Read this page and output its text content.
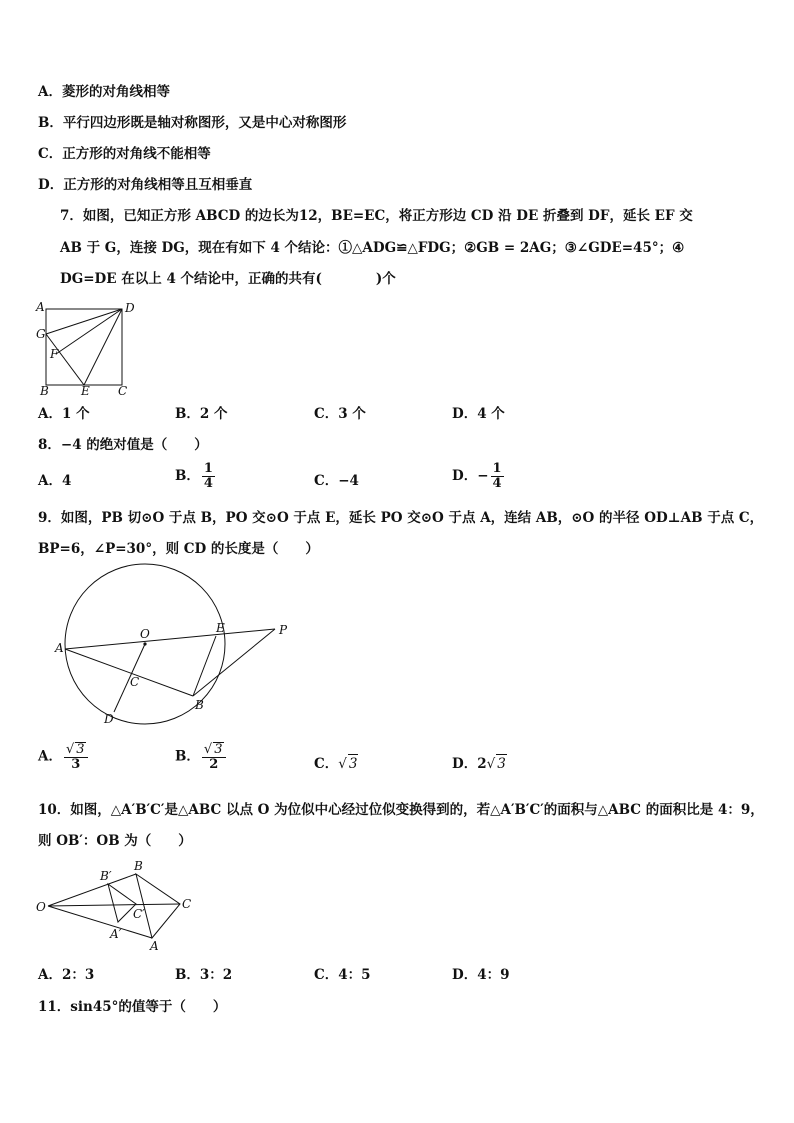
A．菱形的对角线相等
B．平行四边形既是轴对称图形，又是中心对称图形
C．正方形的对角线不能相等
D．正方形的对角线相等且互相垂直
7．如图，已知正方形 ABCD 的边长为12，BE=EC，将正方形边 CD 沿 DE 折叠到 DF，延长 EF 交
AB 于 G，连接 DG，现在有如下 4 个结论：①△ADG≌△FDG；②GB = 2AG；③∠GDE=45°；④
DG=DE 在以上 4 个结论中，正确的共有(　　　　)个
A	D
G
F
B	E C
A．1 个	B．2 个	C．3 个	D．4 个
8．−4 的绝对值是（　　）
A．4	B． $\frac{1}{4}$	C．−4	D．− $\frac{1}{4}$
9．如图，PB 切⊙O 于点 B，PO 交⊙O 于点 E，延长 PO 交⊙O 于点 A，连结 AB，⊙O 的半径 OD⊥AB 于点 C，
BP=6，∠P=30°，则 CD 的长度是（　　）
O	E	P
A
C
B
D
A． $\frac{√ 3}{3}$	B． $\frac{√ 3}{2}$	C．√ 3	D．2√ 3
10．如图，△A′B′C′是△ABC 以点 O 为位似中心经过位似变换得到的，若△A′B′C′的面积与△ABC 的面积比是 4：9，
则 OB′：OB 为（　　）
B
B′
O	C′
C
A′
A
A．2：3	B．3：2	C．4：5	D．4：9
11．sin45°的值等于（　　）
